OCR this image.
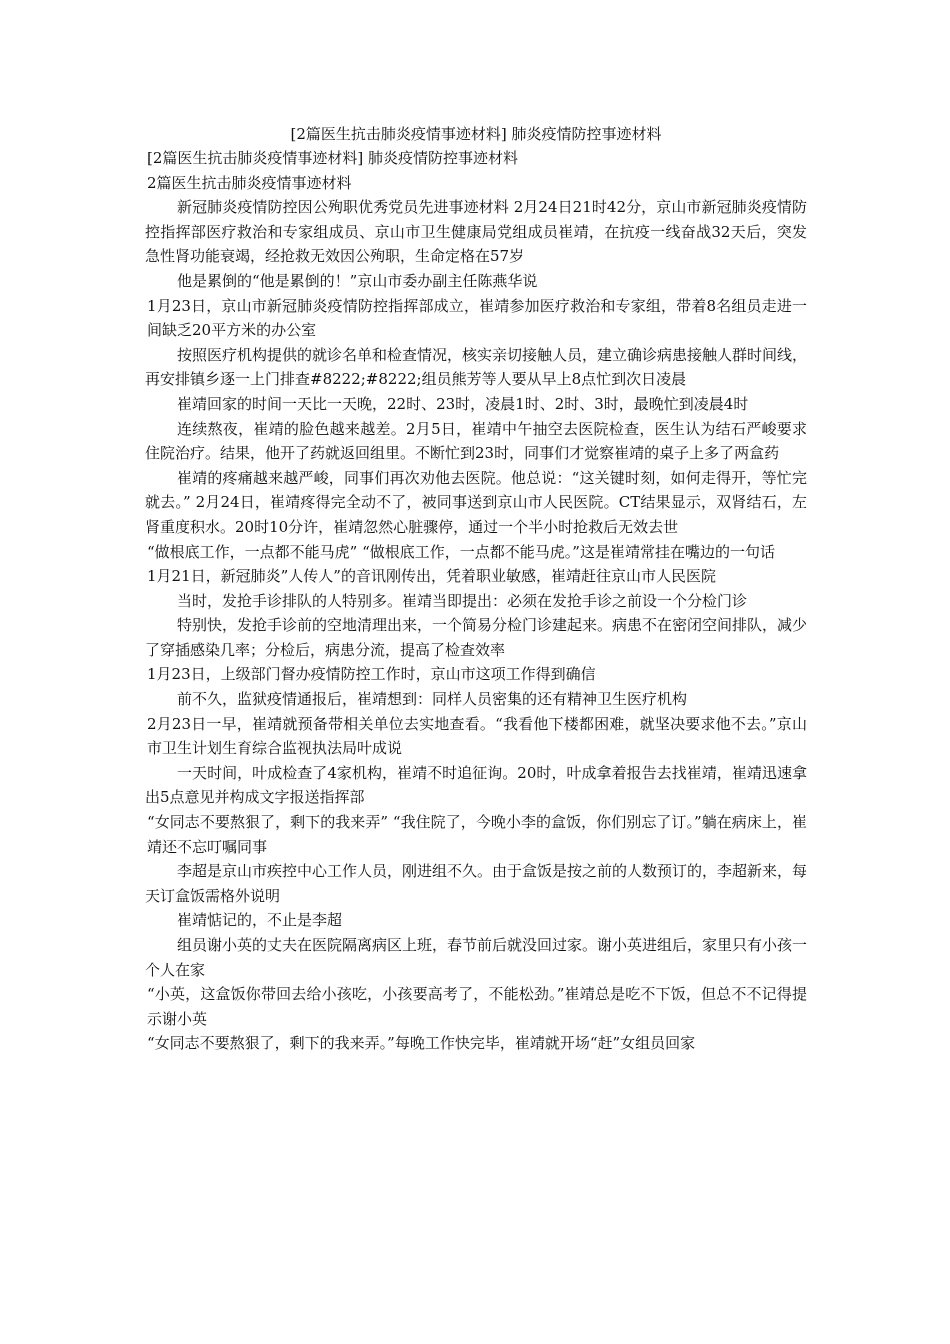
[2篇医生抗击肺炎疫情事迹材料] 肺炎疫情防控事迹材料

[2篇医生抗击肺炎疫情事迹材料] 肺炎疫情防控事迹材料

2篇医生抗击肺炎疫情事迹材料

新冠肺炎疫情防控因公殉职优秀党员先进事迹材料 2月24日21时42分，京山市新冠肺炎疫情防控指挥部医疗救治和专家组成员、京山市卫生健康局党组成员崔靖，在抗疫一线奋战32天后，突发急性肾功能衰竭，经抢救无效因公殉职，生命定格在57岁

他是累倒的“他是累倒的！”京山市委办副主任陈燕华说

1月23日，京山市新冠肺炎疫情防控指挥部成立，崔靖参加医疗救治和专家组，带着8名组员走进一间缺乏20平方米的办公室

按照医疗机构提供的就诊名单和检查情况，核实亲切接触人员，建立确诊病患接触人群时间线，再安排镇乡逐一上门排查#8222;#8222;组员熊芳等人要从早上8点忙到次日凌晨

崔靖回家的时间一天比一天晚，22时、23时，凌晨1时、2时、3时，最晚忙到凌晨4时

连续熬夜，崔靖的脸色越来越差。2月5日，崔靖中午抽空去医院检查，医生认为结石严峻要求住院治疗。结果，他开了药就返回组里。不断忙到23时，同事们才觉察崔靖的桌子上多了两盒药

崔靖的疼痛越来越严峻，同事们再次劝他去医院。他总说：“这关键时刻，如何走得开，等忙完就去。” 2月24日，崔靖疼得完全动不了，被同事送到京山市人民医院。CT结果显示，双肾结石，左肾重度积水。20时10分许，崔靖忽然心脏骤停，通过一个半小时抢救后无效去世

“做根底工作，一点都不能马虎” “做根底工作，一点都不能马虎。”这是崔靖常挂在嘴边的一句话

1月21日，新冠肺炎”人传人”的音讯刚传出，凭着职业敏感，崔靖赶往京山市人民医院

当时，发抢手诊排队的人特别多。崔靖当即提出：必须在发抢手诊之前设一个分检门诊

特别快，发抢手诊前的空地清理出来，一个简易分检门诊建起来。病患不在密闭空间排队，减少了穿插感染几率；分检后，病患分流，提高了检查效率

1月23日，上级部门督办疫情防控工作时，京山市这项工作得到确信

前不久，监狱疫情通报后，崔靖想到：同样人员密集的还有精神卫生医疗机构

2月23日一早，崔靖就预备带相关单位去实地查看。“我看他下楼都困难，就坚决要求他不去。”京山市卫生计划生育综合监视执法局叶成说

一天时间，叶成检查了4家机构，崔靖不时追征询。20时，叶成拿着报告去找崔靖，崔靖迅速拿出5点意见并构成文字报送指挥部

“女同志不要熬狠了，剩下的我来弄” “我住院了，今晚小李的盒饭，你们别忘了订。”躺在病床上，崔靖还不忘叮嘱同事

李超是京山市疾控中心工作人员，刚进组不久。由于盒饭是按之前的人数预订的，李超新来，每天订盒饭需格外说明

崔靖惦记的，不止是李超

组员谢小英的丈夫在医院隔离病区上班，春节前后就没回过家。谢小英进组后，家里只有小孩一个人在家

“小英，这盒饭你带回去给小孩吃，小孩要高考了，不能松劲。”崔靖总是吃不下饭，但总不不记得提示谢小英

“女同志不要熬狠了，剩下的我来弄。”每晚工作快完毕，崔靖就开场“赶”女组员回家
